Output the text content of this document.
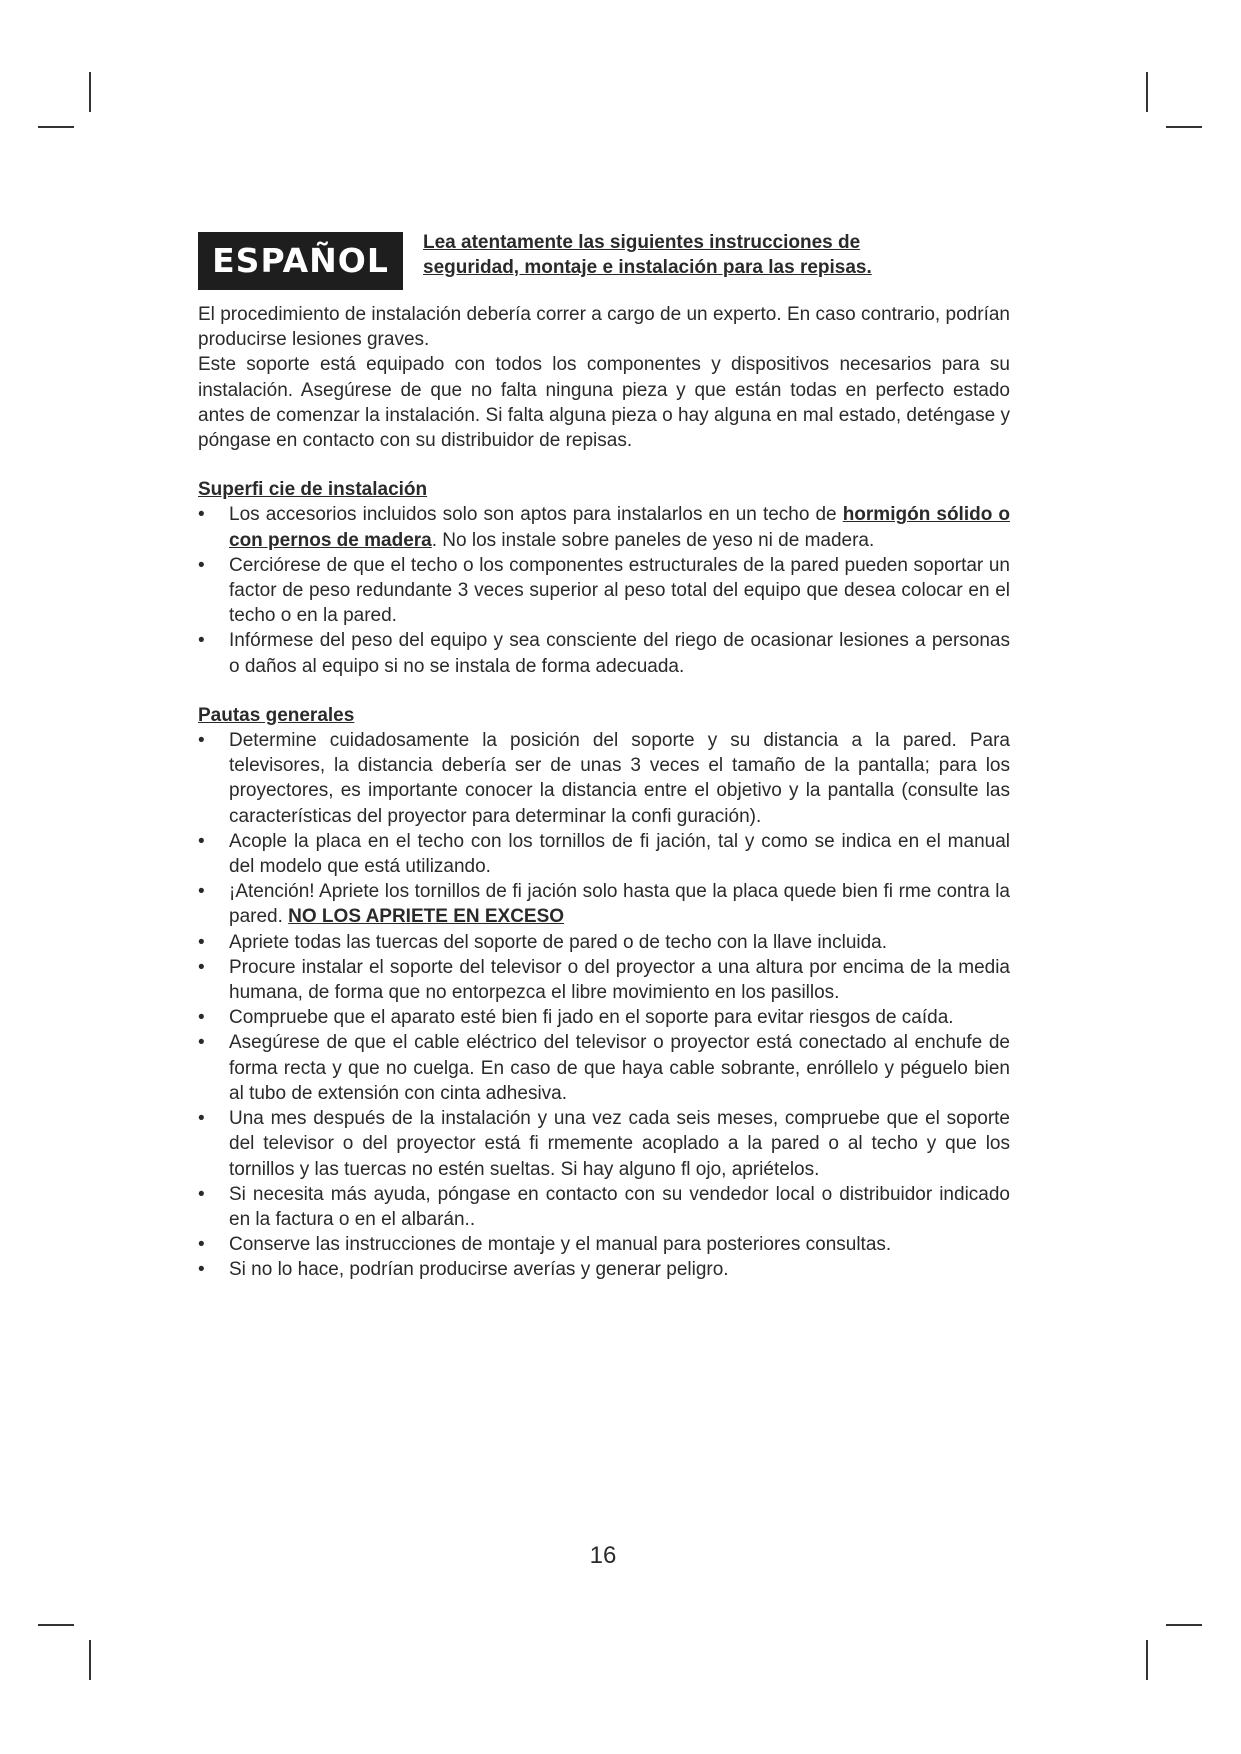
ESPAÑOL	Lea atentamente las siguientes instrucciones de seguridad, montaje e instalación para las repisas.

El procedimiento de instalación debería correr a cargo de un experto. En caso contrario, podrían producirse lesiones graves.

Este soporte está equipado con todos los componentes y dispositivos necesarios para su instalación. Asegúrese de que no falta ninguna pieza y que están todas en perfecto estado antes de comenzar la instalación. Si falta alguna pieza o hay alguna en mal estado, deténgase y póngase en contacto con su distribuidor de repisas.

Superfi cie de instalación

• Los accesorios incluidos solo son aptos para instalarlos en un techo de hormigón sólido o con pernos de madera. No los instale sobre paneles de yeso ni de madera.
• Cerciórese de que el techo o los componentes estructurales de la pared pueden soportar un factor de peso redundante 3 veces superior al peso total del equipo que desea colocar en el techo o en la pared.
• Infórmese del peso del equipo y sea consciente del riego de ocasionar lesiones a personas o daños al equipo si no se instala de forma adecuada.

Pautas generales

• Determine cuidadosamente la posición del soporte y su distancia a la pared. Para televisores, la distancia debería ser de unas 3 veces el tamaño de la pantalla; para los proyectores, es importante conocer la distancia entre el objetivo y la pantalla (consulte las características del proyector para determinar la confi guración).
• Acople la placa en el techo con los tornillos de fi jación, tal y como se indica en el manual del modelo que está utilizando.
• ¡Atención! Apriete los tornillos de fi jación solo hasta que la placa quede bien fi rme contra la pared. NO LOS APRIETE EN EXCESO
• Apriete todas las tuercas del soporte de pared o de techo con la llave incluida.
• Procure instalar el soporte del televisor o del proyector a una altura por encima de la media humana, de forma que no entorpezca el libre movimiento en los pasillos.
• Compruebe que el aparato esté bien fi jado en el soporte para evitar riesgos de caída.
• Asegúrese de que el cable eléctrico del televisor o proyector está conectado al enchufe de forma recta y que no cuelga. En caso de que haya cable sobrante, enróllelo y péguelo bien al tubo de extensión con cinta adhesiva.
• Una mes después de la instalación y una vez cada seis meses, compruebe que el soporte del televisor o del proyector está fi rmemente acoplado a la pared o al techo y que los tornillos y las tuercas no estén sueltas. Si hay alguno fl ojo, apriételos.
• Si necesita más ayuda, póngase en contacto con su vendedor local o distribuidor indicado en la factura o en el albarán..
• Conserve las instrucciones de montaje y el manual para posteriores consultas.
• Si no lo hace, podrían producirse averías y generar peligro.
16
